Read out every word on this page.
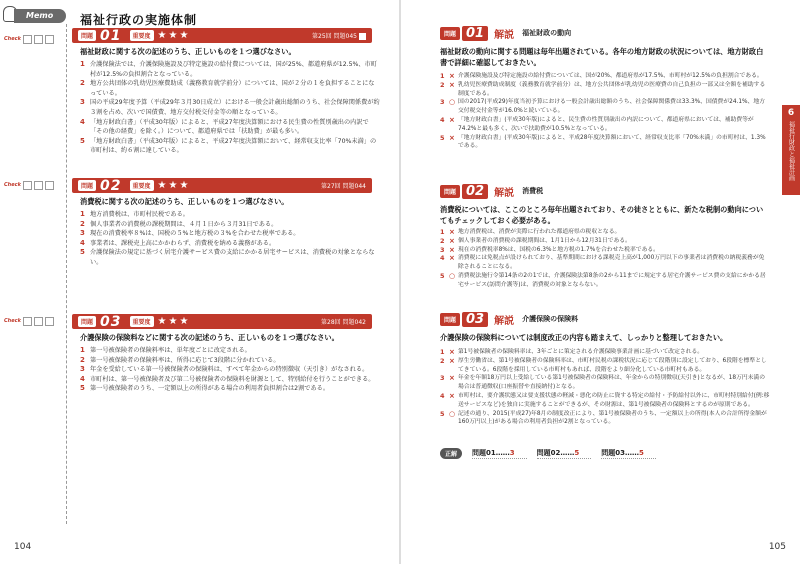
Memo
Check
Check
Check
福祉行政の実施体制
問題 01	重要度 ★★★	第25回 問題045
福祉財政に関する次の記述のうち、正しいものを１つ選びなさい。
1 介護保険法では、介護保険施設及び特定施設の給付費については、国が25%、都道府県が12.5%、市町村が12.5%の負担割合となっている。
2 地方公共団体の乳幼児医療費助成（義務教育就学前分）については、国が２分の１を負担することになっている。
3 国の平成29年度予算（平成29年３月30日成立）における一般会計歳出総額のうち、社会保障関係費が約３割を占め、次いで国債費、地方交付税交付金等の順となっている。
4 「地方財政白書」（平成30年版）によると、平成27年度決算額における民生費の性質別歳出の内訳で「その他の経費」を除く。）について、都道府県では「扶助費」が最も多い。
5 「地方財政白書」（平成30年版）によると、平成27年度決算額において、経常収支比率「70%未満」の市町村は、約６割に達している。
問題 02	重要度 ★★★	第27回 問題044
消費税に関する次の記述のうち、正しいものを１つ選びなさい。
1 地方消費税は、市町村民税である。
2 個人事業者の消費税の課税期間は、４月１日から３月31日である。
3 現在の消費税率８%は、国税の５%と地方税の３%を合わせた税率である。
4 事業者は、課税売上高にかかわらず、消費税を納める義務がある。
5 介護保険法の規定に基づく居宅介護サービス費の支給にかかる居宅サービスは、消費税の対象とならない。
問題 03	重要度 ★★★	第28回 問題042
介護保険の保険料などに関する次の記述のうち、正しいものを１つ選びなさい。
1 第一号被保険者の保険料率は、単年度ごとに改定される。
2 第一号被保険者の保険料率は、所得に応じて3段階に分かれている。
3 年金を受給している第一号被保険者の保険料は、すべて年金からの特別徴収（天引き）がなされる。
4 市町村は、第一号被保険者及び第二号被保険者の保険料を財源として、特別給付を行うことができる。
5 第一号被保険者のうち、一定額以上の所得がある場合の利用者負担割合は2割である。
104
6
福祉行財政と福祉計画
問題 01	解説 福祉財政の動向
福祉財政の動向に関する問題は毎年出題されている。各年の地方財政の状況については、地方財政白書で詳細に確認しておきたい。
1 × 介護保険施設及び特定施設の給付費については、国が20%、都道府県が17.5%、市町村が12.5%の負担割合である。
2 × 乳幼児医療費助成制度（義務教育就学前分）は、地方公共団体が乳幼児の医療費の自己負担の一部又は全額を補助する制度である。
3 ○ 国の2017(平成29)年度当初予算における一般会計歳出総額のうち、社会保障関係費は33.3%、国債費が24.1%、地方交付税交付金等が16.0%と続いている。
4 × 「地方財政白書」(平成30年版)によると、民生費の性質別歳出の内訳について、都道府県においては、補助費等が74.2%と最も多く、次いで扶助費が10.5%となっている。
5 × 「地方財政白書」(平成30年版)によると、平成28年度決算額において、経常収支比率「70%未満」の市町村は、1.3%である。
問題 02	解説 消費税
消費税については、ここのところ毎年出題されており、その徒さとともに、新たな税制の動向についてもチェックしておく必要がある。
1 × 地方消費税は、消費が実際に行われた都道府県の税収となる。
2 × 個人事業者の消費税の課税期間は、1月1日から12月31日である。
3 × 現在の消費税率8%は、国税の6.3%と地方税の1.7%を合わせた税率である。
4 × 消費税には免税点が設けられており、基準期間における課税売上高が1,000万円以下の事業者は消費税の納税義務が免除されることになる。
5 ○ 消費税法施行令第14条の2の1では、介護保険法第8条の2から11までに規定する居宅介護サービス費の支給にかかる居宅サービス(訪問介護等)は、消費税の対象とならない。
問題 03	解説 介護保険の保険料
介護保険の保険料については制度改正の内容も踏まえて、しっかりと整理しておきたい。
1 × 第1号被保険者の保険料率は、3年ごとに策定される介護保険事業計画に基づいて改定される。
2 × 厚生労働省は、第1号被保険者の保険料率は、市町村民税の課税状況に応じて段階別に設定しており、6段階を標準としてきている。6段階を採用している市町村もあれば、段階をより細分化している市町村もある。
3 × 年金を年額18万円以上受給している第1号被保険者の保険料は、年金からの特別徴収(天引き)となるが、18万円未満の場合は普通徴収(口座振替や直接納付)となる。
4 × 市町村は、要介護状態又は要支援状態の軽減・悪化の防止に資する特定の給付・予防給付以外に、市町村特別給付(例:移送サービスなど)を独自に実施することができるが、その財源は、第1号被保険者の保険料とするのが原則である。
5 ○ 記述の通り、2015(平成27)年8月の制度改正により、第1号被保険者のうち、一定額以上の所得(本人の合計所得金額が160万円以上)がある場合の利用者負担が2割となっている。
正解	問題01……3	問題02……5	問題03……5
105
